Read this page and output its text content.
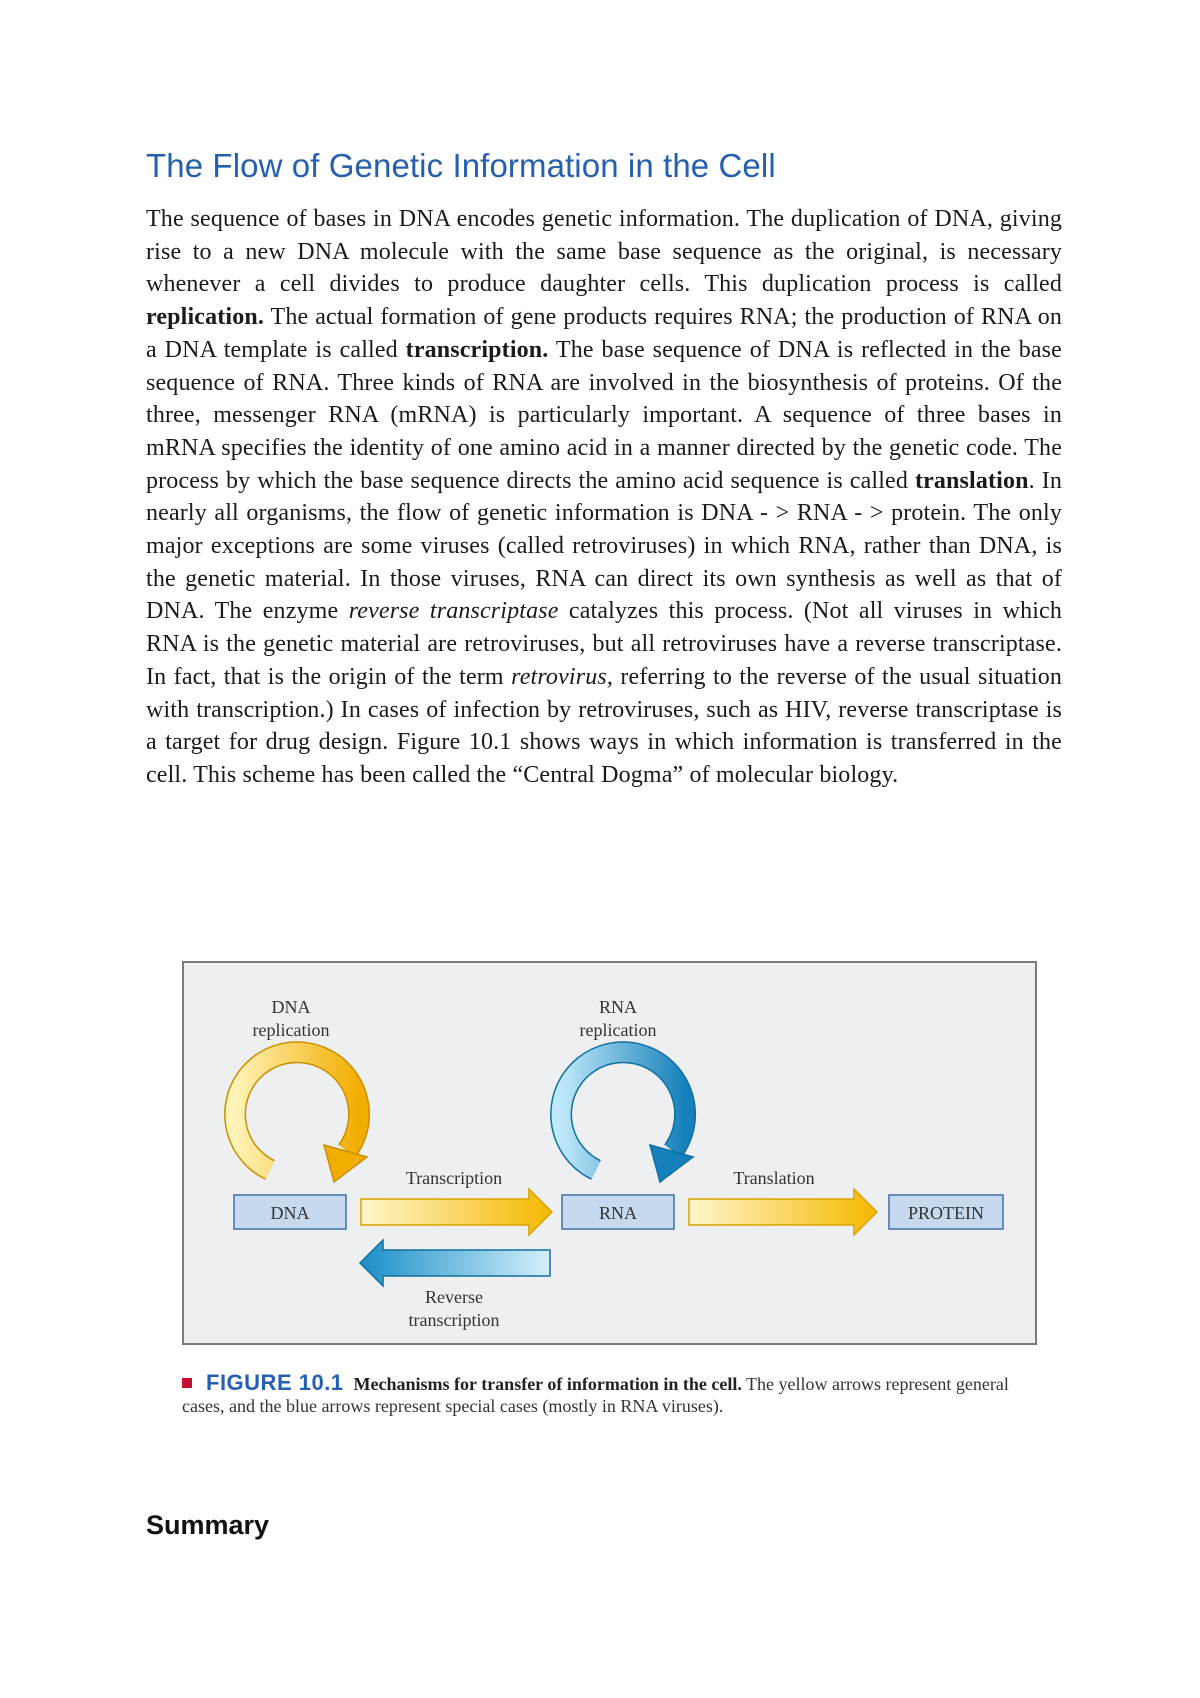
The Flow of Genetic Information in the Cell

The sequence of bases in DNA encodes genetic information. The duplication of DNA, giving rise to a new DNA molecule with the same base sequence as the original, is necessary whenever a cell divides to produce daughter cells. This duplication process is called replication. The actual formation of gene products requires RNA; the production of RNA on a DNA template is called transcription. The base sequence of DNA is reflected in the base sequence of RNA. Three kinds of RNA are involved in the biosynthesis of proteins. Of the three, messenger RNA (mRNA) is particularly important. A sequence of three bases in mRNA specifies the identity of one amino acid in a manner directed by the genetic code. The process by which the base sequence directs the amino acid sequence is called translation. In nearly all organisms, the flow of genetic information is DNA - > RNA - > protein. The only major exceptions are some viruses (called retroviruses) in which RNA, rather than DNA, is the genetic material. In those viruses, RNA can direct its own synthesis as well as that of DNA. The enzyme reverse transcriptase catalyzes this process. (Not all viruses in which RNA is the genetic material are retroviruses, but all retroviruses have a reverse transcriptase. In fact, that is the origin of the term retrovirus, referring to the reverse of the usual situation with transcription.) In cases of infection by retroviruses, such as HIV, reverse transcriptase is a target for drug design. Figure 10.1 shows ways in which information is transferred in the cell. This scheme has been called the “Central Dogma” of molecular biology.

DNA
replication
RNA
replication
DNA	RNA	PROTEIN
Transcription	Translation
Reverse
transcription

FIGURE 10.1 Mechanisms for transfer of information in the cell. The yellow arrows represent general cases, and the blue arrows represent special cases (mostly in RNA viruses).

Summary
